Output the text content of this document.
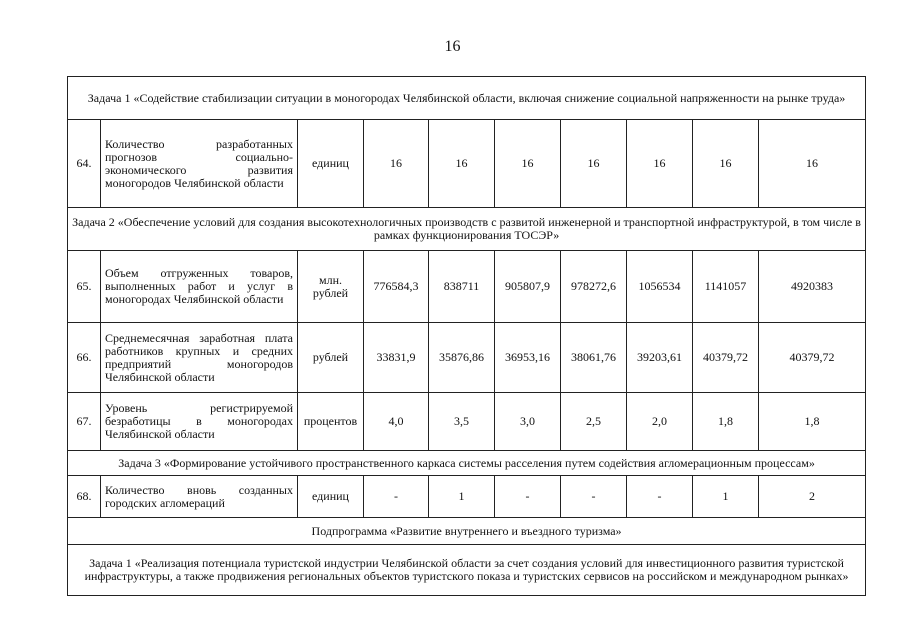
16
Задача 1 «Содействие стабилизации ситуации в моногородах Челябинской области, включая снижение социальной напряженности на рынке труда»									
64.	Количество разработанных прогнозов социально-экономического развития моногородов Челябинской области	единиц	16	16	16	16	16	16	16
Задача 2 «Обеспечение условий для создания высокотехнологичных производств с развитой инженерной и транспортной инфраструктурой, в том числе в рамках функционирования ТОСЭР»									
65.	Объем отгруженных товаров, выполненных работ и услуг в моногородах Челябинской области	млн. рублей	776584,3	838711	905807,9	978272,6	1056534	1141057	4920383
66.	Среднемесячная заработная плата работников крупных и средних предприятий моногородов Челябинской области	рублей	33831,9	35876,86	36953,16	38061,76	39203,61	40379,72	40379,72
67.	Уровень регистрируемой безработицы в моногородах Челябинской области	процентов	4,0	3,5	3,0	2,5	2,0	1,8	1,8
Задача 3 «Формирование устойчивого пространственного каркаса системы расселения путем содействия агломерационным процессам»									
68.	Количество вновь созданных городских агломераций	единиц	-	1	-	-	-	1	2
Подпрограмма «Развитие внутреннего и въездного туризма»									
Задача 1 «Реализация потенциала туристской индустрии Челябинской области за счет создания условий для инвестиционного развития туристской инфраструктуры, а также продвижения региональных объектов туристского показа и туристских сервисов на российском и международном рынках»									
